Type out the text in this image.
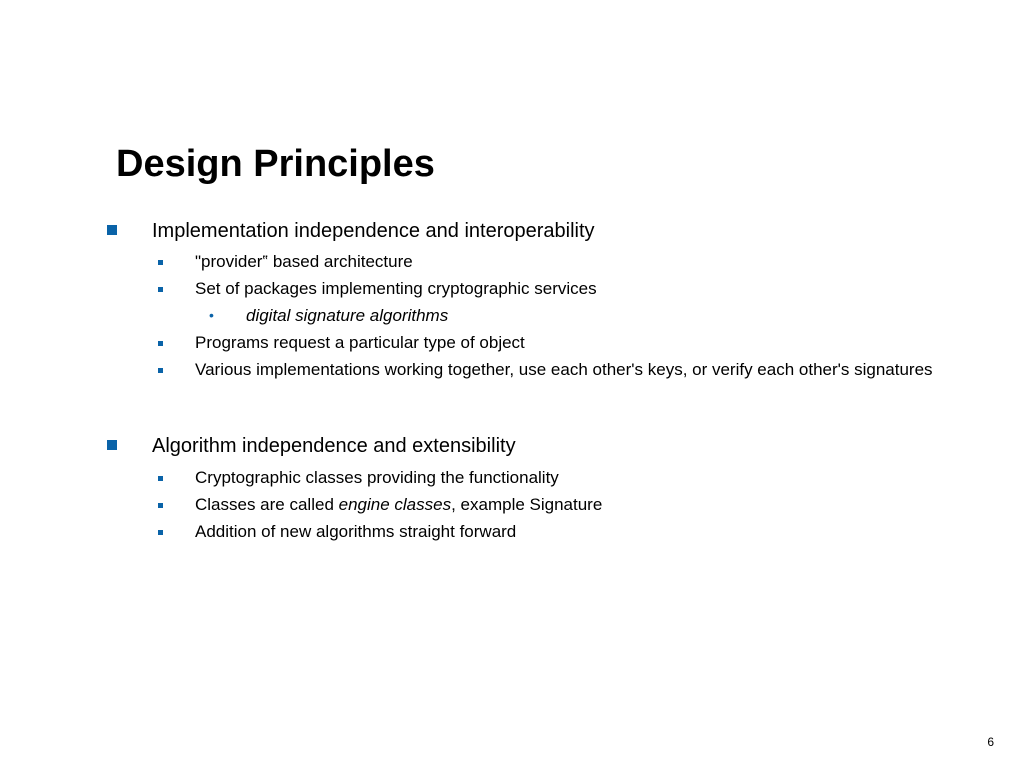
Design Principles
Implementation independence and interoperability
"provider‟ based architecture
Set of packages implementing cryptographic services
• digital signature algorithms
Programs request a particular type of object
Various implementations working together, use each other's keys, or verify each other's signatures
Algorithm independence and extensibility
Cryptographic classes providing the functionality
Classes are called engine classes, example Signature
Addition of new algorithms straight forward
6
